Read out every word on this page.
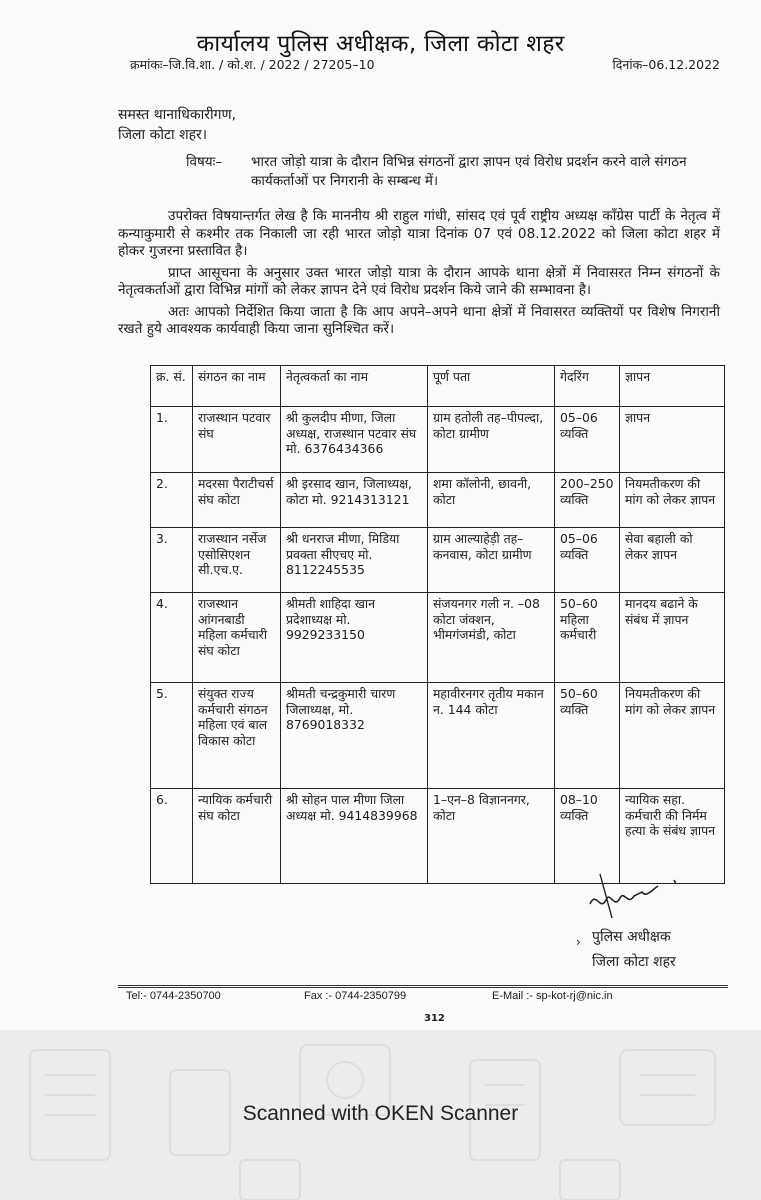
कार्यालय पुलिस अधीक्षक, जिला कोटा शहर
क्रमांकः–जि.वि.शा. / को.श. / 2022 / 27205–10	दिनांक–06.12.2022
समस्त थानाधिकारीगण,
जिला कोटा शहर।
विषयः– भारत जोड़ो यात्रा के दौरान विभिन्न संगठनों द्वारा ज्ञापन एवं विरोध प्रदर्शन करने वाले संगठन कार्यकर्ताओं पर निगरानी के सम्बन्ध में।

उपरोक्त विषयान्तर्गत लेख है कि माननीय श्री राहुल गांधी, सांसद एवं पूर्व राष्ट्रीय अध्यक्ष कॉंग्रेस पार्टी के नेतृत्व में कन्याकुमारी से कश्मीर तक निकाली जा रही भारत जोड़ो यात्रा दिनांक 07 एवं 08.12.2022 को जिला कोटा शहर में होकर गुजरना प्रस्तावित है।

प्राप्त आसूचना के अनुसार उक्त भारत जोड़ो यात्रा के दौरान आपके थाना क्षेत्रों में निवासरत निम्न संगठनों के नेतृत्वकर्ताओं द्वारा विभिन्न मांगों को लेकर ज्ञापन देने एवं विरोध प्रदर्शन किये जाने की सम्भावना है।

अतः आपको निर्देशित किया जाता है कि आप अपने–अपने थाना क्षेत्रों में निवासरत व्यक्तियों पर विशेष निगरानी रखते हुये आवश्यक कार्यवाही किया जाना सुनिश्चित करें।

क्र. सं.	संगठन का नाम	नेतृत्वकर्ता का नाम	पूर्ण पता	गेदरिंग	ज्ञापन
1.	राजस्थान पटवार संघ	श्री कुलदीप मीणा, जिला अध्यक्ष, राजस्थान पटवार संघ मो. 6376434366	ग्राम हतोली तह–पीपल्दा, कोटा ग्रामीण	05–06 व्यक्ति	ज्ञापन
2.	मदरसा पैराटीचर्स संघ कोटा	श्री इरसाद खान, जिलाध्यक्ष, कोटा मो. 9214313121	शमा कॉलोनी, छावनी, कोटा	200–250 व्यक्ति	नियमतीकरण की मांग को लेकर ज्ञापन
3.	राजस्थान नर्सेज एसोसिएशन सी.एच.ए.	श्री धनराज मीणा, मिडिया प्रवक्ता सीएचए मो. 8112245535	ग्राम आल्याहेड़ी तह–कनवास, कोटा ग्रामीण	05–06 व्यक्ति	सेवा बहाली को लेकर ज्ञापन
4.	राजस्थान आंगनबाडी महिला कर्मचारी संघ कोटा	श्रीमती शाहिदा खान प्रदेशाध्यक्ष मो. 9929233150	संजयनगर गली न. –08 कोटा जंक्शन, भीमगंजमंडी, कोटा	50–60 महिला कर्मचारी	मानदय बढाने के संबंध में ज्ञापन
5.	संयुक्त राज्य कर्मचारी संगठन महिला एवं बाल विकास कोटा	श्रीमती चन्द्रकुमारी चारण जिलाध्यक्ष, मो. 8769018332	महावीरनगर तृतीय मकान न. 144 कोटा	50–60 व्यक्ति	नियमतीकरण की मांग को लेकर ज्ञापन
6.	न्यायिक कर्मचारी संघ कोटा	श्री सोहन पाल मीणा जिला अध्यक्ष मो. 9414839968	1–एन–8 विज्ञाननगर, कोटा	08–10 व्यक्ति	न्यायिक सहा. कर्मचारी की निर्मम हत्या के संबंध ज्ञापन
› पुलिस अधीक्षक
जिला कोटा शहर
Tel:- 0744-2350700	Fax :- 0744-2350799	E-Mail :- sp-kot-rj@nic.in
312
Scanned with OKEN Scanner
